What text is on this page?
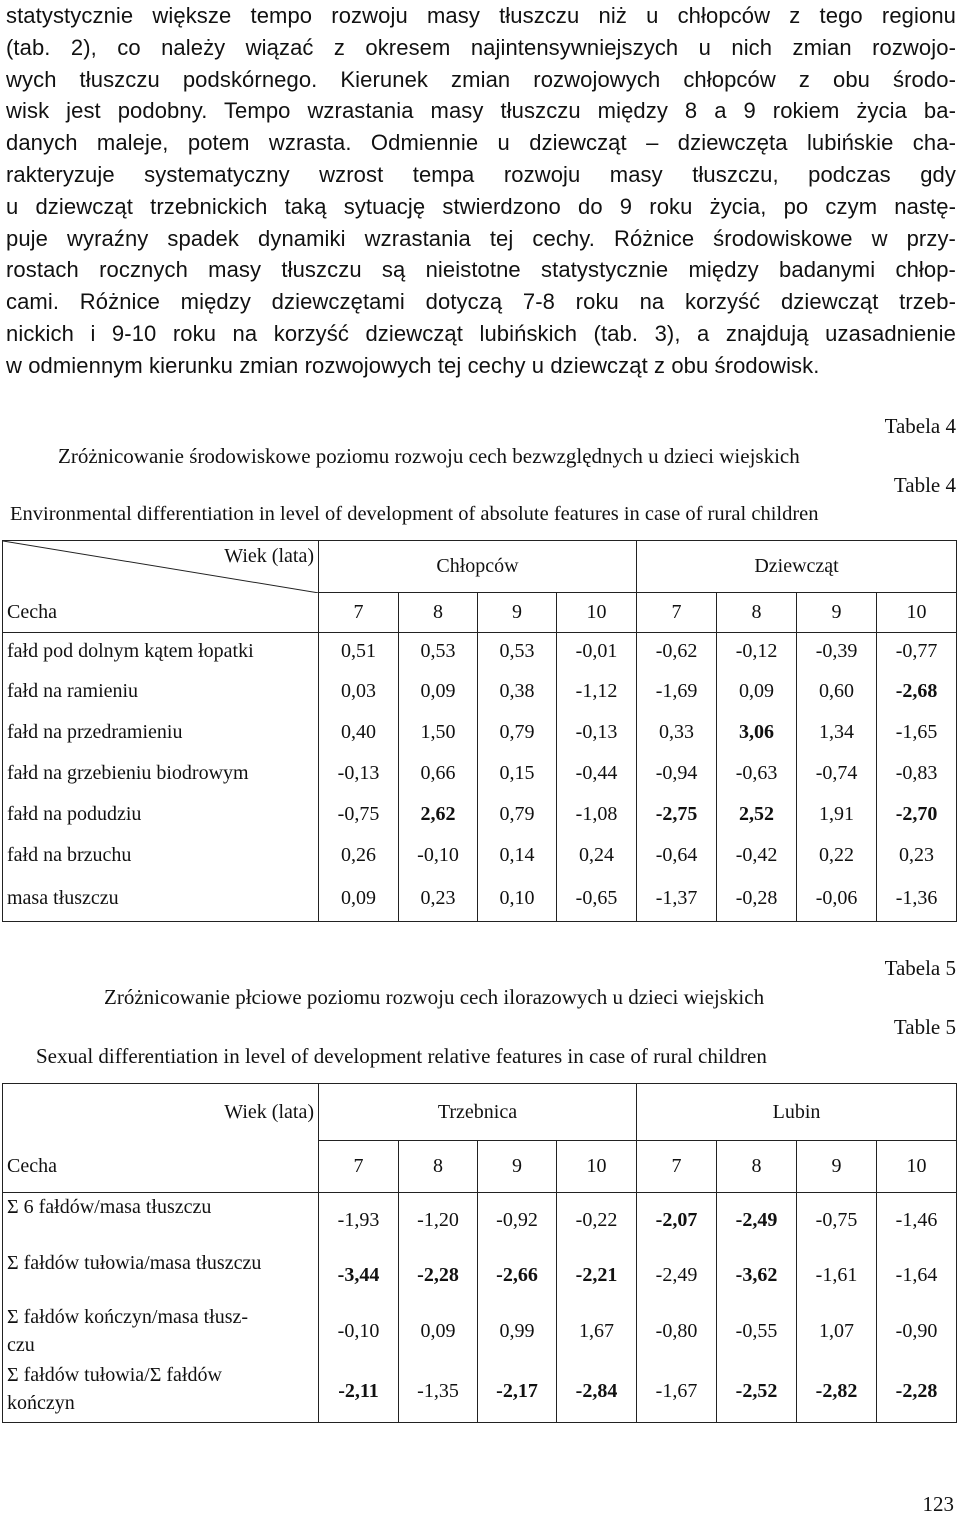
statystycznie większe tempo rozwoju masy tłuszczu niż u chłopców z tego regionu
(tab. 2), co należy wiązać z okresem najintensywniejszych u nich zmian rozwojo-
wych tłuszczu podskórnego. Kierunek zmian rozwojowych chłopców z obu środo-
wisk jest podobny. Tempo wzrastania masy tłuszczu między 8 a 9 rokiem życia ba-
danych maleje, potem wzrasta. Odmiennie u dziewcząt – dziewczęta lubińskie cha-
rakteryzuje systematyczny wzrost tempa rozwoju masy tłuszczu, podczas gdy
u dziewcząt trzebnickich taką sytuację stwierdzono do 9 roku życia, po czym nastę-
puje wyraźny spadek dynamiki wzrastania tej cechy. Różnice środowiskowe w przy-
rostach rocznych masy tłuszczu są nieistotne statystycznie między badanymi chłop-
cami. Różnice między dziewczętami dotyczą 7-8 roku na korzyść dziewcząt trzeb-
nickich i 9-10 roku na korzyść dziewcząt lubińskich (tab. 3), a znajdują uzasadnienie
w odmiennym kierunku zmian rozwojowych tej cechy u dziewcząt z obu środowisk.
Tabela 4
Zróżnicowanie środowiskowe poziomu rozwoju cech bezwzględnych u dzieci wiejskich
Table 4
Environmental differentiation in level of development of absolute features in case of rural children
Wiek (lata)	Chłopców				Dziewcząt			
Cecha	7	8	9	10	7	8	9	10
fałd pod dolnym kątem łopatki	0,51	0,53	0,53	-0,01	-0,62	-0,12	-0,39	-0,77
fałd na ramieniu	0,03	0,09	0,38	-1,12	-1,69	0,09	0,60	-2,68
fałd na przedramieniu	0,40	1,50	0,79	-0,13	0,33	3,06	1,34	-1,65
fałd na grzebieniu biodrowym	-0,13	0,66	0,15	-0,44	-0,94	-0,63	-0,74	-0,83
fałd na podudziu	-0,75	2,62	0,79	-1,08	-2,75	2,52	1,91	-2,70
fałd na brzuchu	0,26	-0,10	0,14	0,24	-0,64	-0,42	0,22	0,23
masa tłuszczu	0,09	0,23	0,10	-0,65	-1,37	-0,28	-0,06	-1,36
Tabela 5
Zróżnicowanie płciowe poziomu rozwoju cech ilorazowych u dzieci wiejskich
Table 5
Sexual differentiation in level of development relative features in case of rural children
Wiek (lata)	Trzebnica				Lubin			
Cecha	7	8	9	10	7	8	9	10

Σ 6 fałdów/masa tłuszczu	-1,93	-1,20	-0,92	-0,22	-2,07	-2,49	-0,75	-1,46

Σ fałdów tułowia/masa tłuszczu	-3,44	-2,28	-2,66	-2,21	-2,49	-3,62	-1,61	-1,64

Σ fałdów kończyn/masa tłusz-
czu	-0,10	0,09	0,99	1,67	-0,80	-0,55	1,07	-0,90

Σ fałdów tułowia/Σ fałdów
kończyn	-2,11	-1,35	-2,17	-2,84	-1,67	-2,52	-2,82	-2,28
123
